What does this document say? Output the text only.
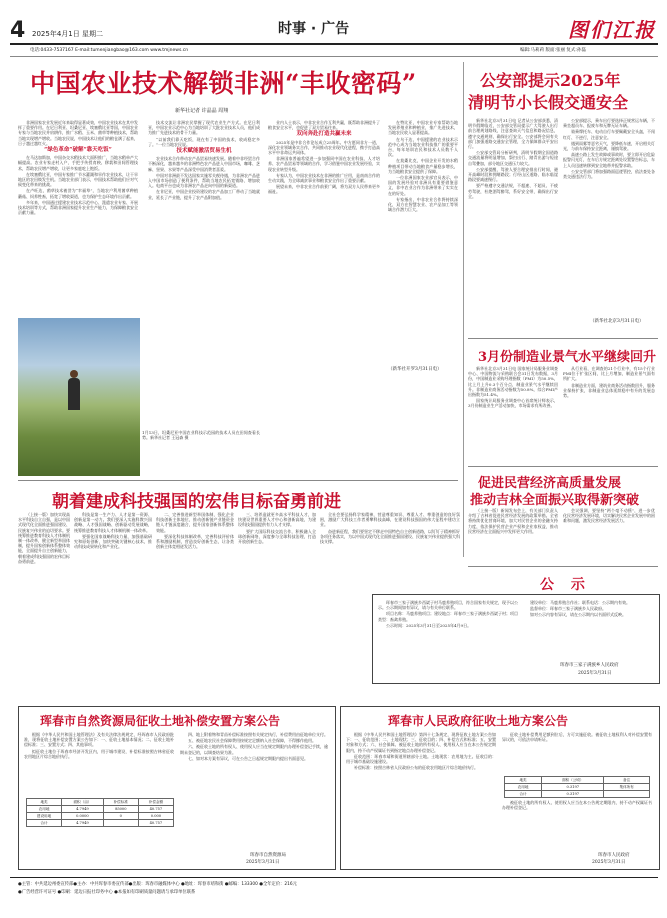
4 2025年4月1日 星期二	时事 · 广告	图们江报
电话:0433-7537167 E-mail:tumenjiangbao@163.com www.tmjnews.cn	编辑:马莉莉 版面:张丽 复式:孙磊
中国农业技术解锁非洲“丰收密码”
新华社记者 许晶晶 周翔

非洲国家农业发展近年来取得显著成效，中国农业技术在其中发挥了重要作用。在尼日利亚、坦桑尼亚、埃塞俄比亚等国，中国农业专家与当地农民并肩耕作，推广水稻、玉米、菌草等种植技术，帮助当地实现增产增收。当地农民说，中国技术让他们的粮仓满了起来，日子越过越红火。

“绿色革命”破解“靠天吃饭”

在马达加斯加，中国杂交水稻技术大面积推广，当地水稻单产大幅提高。农业专家走村入户，手把手传授育秧、移栽和田间管理技术，帮助农民增产增收，让更多家庭吃上饱饭。

在埃塞俄比亚，中国专家推广节水灌溉和旱作农业技术，让干旱地区的农田焕发生机。当地农业部门表示，中国技术帮助他们应对气候变化带来的挑战。

在卢旺达，菌草技术被誉为“幸福草”，当地农户利用菌草种植蘑菇、饲养牲畜，拓宽了增收渠道，也为保护生态环境作出贡献。

多年来，中国通过援建农业技术示范中心、派遣农业专家、开展技术培训等方式，帮助非洲国家提升农业生产能力，为保障粮食安全贡献力量。

技术交流让非洲农民掌握了现代农业生产方式。在尼日利亚，中国农业示范中心为当地培训了大批农业技术人员，他们成为推广先进技术的骨干力量。

“以前我们靠天吃饭，现在有了中国的技术，收成稳定多了。”一位当地农民说。

技术赋能激活贸易生机

农业技术合作带动农产品贸易快速发展。随着中非经贸合作不断深化，越来越多的非洲特色农产品进入中国市场，咖啡、芝麻、坚果、水果等产品深受中国消费者喜爱。

中国对非洲最不发达国家实施零关税待遇，为非洲农产品进入中国市场创造了便利条件，帮助当地农民拓宽销路、增加收入。电商平台也成为非洲农产品走向中国的新渠道。

在肯尼亚，中国企业投资建设的农产品加工厂带动了当地就业，延长了产业链，提升了农产品附加值。

业内人士表示，中非农业合作互利共赢，既帮助非洲提升了粮食安全水平，也促进了双方贸易往来。

双向奔赴打造共赢未来

2025年是中非合作论坛成立25周年。中方愿同非方一道，深化农业领域务实合作，共同推动农业现代化进程，携手打造高水平中非命运共同体。

非洲国家普遍希望进一步加强同中国在农业科技、人才培养、农产品贸易等领域的合作，学习借鉴中国农业发展经验，实现农业转型升级。

专家认为，中国农业技术在非洲的推广应用，是南南合作的生动实践，为全球减贫事业和粮食安全作出了重要贡献。

展望未来，中非农业合作前景广阔，将为双方人民带来更多福祉。

在赞比亚，中国农业专家帮助当地发展养殖业和种植业，推广先进技术，当地农民收入显著提高。

在乌干达，中国援建的农业技术示范中心成为当地农业科技推广的重要平台，每年培训农民和技术人员数千人次。

在莫桑比克，中国企业开发的水稻种植项目带动当地粮食产量稳步增长，为当地粮食安全提供了保障。

一位非洲国家农业部官员表示，中国的发展经验对非洲具有重要借鉴意义，非中农业合作为非洲带来了实实在在的好处。

专家指出，中非农业合作将持续深化，双方在智慧农业、农产品加工等领域合作潜力巨大。

（新华社开罗3月31日电）
1月13日，坦桑尼亚中国农业科技示范园的技术人员在田间查看长势。新华社记者 王冠森 摄
公安部提示2025年
清明节小长假交通安全

新华社北京3月31日电 记者从公安部获悉，清明节假期临近，公安部交管局提示广大驾驶人出行前合理规划路线，注意查询天气信息和路况信息，遵守交通规则，确保出行安全。公安部将会同有关部门加强道路交通安全管理，全力保障群众平安出行。

公安部交管局分析研判，清明节假期全国道路交通流量将明显增加，祭扫出行、踏青出游与短途自驾叠加，部分地区交通压力较大。

公安部提醒，驾驶人要合理安排出行时间，避开高峰时段和拥堵路段；行经山区道路、临水临崖路段要减速慢行。

要严格遵守交通法规，不超速、不超员、不疲劳驾驶，杜绝酒驾醉驾，系好安全带，确保出行安全。

公安部提示，乘车出行要选择正规营运车辆，不乘坐超员车、报废车和无牌无证车辆。

骑乘摩托车、电动自行车要佩戴安全头盔，不闯红灯、不逆行，注意安全。

遇到雨雾等恶劣天气，要降低车速，开启相关灯光，与前车保持安全距离，谨慎驾驶。

高速公路上发生故障或事故时，要立即开启危险报警闪光灯，在车后方规定距离处设置警告标志，车上人员迅速转移到安全地带并报警求助。

公安交管部门将加强路面巡逻管控，依法查处各类交通违法行为。

（新华社北京3月31日电）
3月份制造业景气水平继续回升

新华社北京3月31日电 国家统计局服务业调查中心、中国物流与采购联合会31日发布数据，3月份，中国制造业采购经理指数（PMI）为50.5%，比上月上升0.3个百分点，制造业景气水平继续回升。非制造业商务活动指数为50.8%，综合PMI产出指数为51.4%。

国家统计局服务业调查中心首席统计师表示，3月份制造业生产活动加快，市场需求有所改善。

从行业看，在调查的21个行业中，有15个行业PMI位于扩张区间，比上月增加，制造业景气面有所扩大。

非制造业方面，建筑业商务活动指数回升，服务业保持扩张，非制造业总体延续稳中有升的发展态势。

促进民营经济高质量发展
推动吉林全面振兴取得新突破

（上接一版）新闻发布会上，有关部门负责人介绍了吉林省促进民营经济发展的政策举措。全省将持续优化营商环境，加大对民营企业的金融支持力度，依法保护民营企业产权和企业家权益，推动民营经济在全面振兴中发挥更大作用。

会议强调，要坚持“两个毫不动摇”，进一步优化民营经济发展环境，切实解决民营企业发展中的困难和问题，激发民营经济发展活力。

朝着建成科技强国的宏伟目标奋勇前进

（上接一版）加快实现高水平科技自立自强，是以中国式现代化全面推进强国建设、民族复兴伟业的迫切要求。要统筹推进教育科技人才体制机制一体改革，健全新型举国体制，提升国家创新体系整体效能，全面提升自主创新能力，朝着建成科技强国的宏伟目标奋勇前进。

科技是第一生产力、人才是第一资源、创新是第一动力。我们要深入实施科教兴国战略、人才强国战略、创新驱动发展战略，统筹推进教育科技人才体制机制一体改革。

要强化国家战略科技力量，加强基础研究和原始创新，加快突破关键核心技术，推动科技成果转化和产业化。

二、完善推进新型举国体制，强化企业科技创新主体地位，推动创新链产业链资金链人才链深度融合，提升国家创新体系整体效能。

要深化科技体制改革，完善科技评价体系和激励机制，营造良好创新生态，让各类创新主体竞相迸发活力。

三、培养造就更多高水平科技人才，加快建设世界重要人才中心和创新高地，为建设科技强国提供有力人才支撑。

要扩大国际科技交流合作，积极融入全球创新网络，深度参与全球科技治理，打造开放创新生态。

全社会要弘扬科学家精神，营造尊重知识、尊重人才、尊重创造的良好氛围，激励广大科技工作者勇攀科技高峰，在建设科技强国的伟大征程中建功立业。

奋进新征程，我们要坚定不移走中国特色自主创新道路，以钉钉子精神抓好各项任务落实，为以中国式现代化全面推进强国建设、民族复兴伟业提供强大科技支撑。

公 示

珲春市三家子满族乡西崴子村马鹿养殖项目，符合国家有关规定，现予以公示。公示期间如有异议，请与有关单位联系。

项目名称：马鹿养殖项目；建设地点：珲春市三家子满族乡西崴子村；项目类型：畜禽养殖。

公示时间：2025年3月31日至2025年4月9日。

建设单位：马鹿养殖合作社；联系电话：公示期内有效。

监督单位：珲春市三家子满族乡人民政府。

如对公示内容有异议，请在公示期内以书面形式反映。

珲春市三家子满族乡人民政府
2025年3月31日
珲春市自然资源局征收土地补偿安置方案公告

根据《中华人民共和国土地管理法》及有关法律法规规定，经珲春市人民政府批准，现将征收土地补偿安置方案公告如下：一、征收土地基本情况；二、征收土地补偿标准；三、安置方式；四、其他事项。

拟征收土地位于珲春市经济开发区内，用于城市建设，补偿标准按照吉林省征收农用地区片综合地价执行。

四、地上附着物和青苗补偿标准按照有关规定执行，补偿费用由征地单位支付。

五、被征地农民社会保障费用按规定足额纳入社会保障，不得挪作他用。

六、被征收土地的所有权人、使用权人应当在规定期限内办理补偿登记手续，逾期未登记的，以调查结果为准。

七、如对本方案有异议，可在公告之日起规定期限内提出书面意见。

地类	面积（亩）	补偿标准	补偿金额
农用地	4.7949	85000	40.757
建设用地	0.0000	0	0.000
合计	4.7949		40.757
珲春市自然资源局
2025年3月31日
珲春市人民政府征收土地方案公告

根据《中华人民共和国土地管理法》第四十七条规定，现将征收土地方案公告如下：一、征收范围；二、土地现状；三、征收目的；四、补偿方式和标准；五、安置对象和方式；六、社会保障。被征收土地的所有权人、使用权人应当在本公告规定期限内，持不动产权属证书到指定地点办理补偿登记。

征收范围：珲春市靖和街道所辖部分土地。土地现状：农用地为主。征收目的：用于城市基础设施建设。

补偿标准：按照吉林省人民政府公布的征收农用地区片综合地价执行。

征收土地补偿费用足额到位后，方可实施征收。被征收土地权利人对补偿安置有异议的，可依法申请听证。

地类	面积（公顷）	备注
农用地	0.3197	集体所有
合计	0.3197	

被征收土地的所有权人、使用权人应当在本公告规定期限内，持不动产权属证书办理补偿登记。

珲春市人民政府
2025年3月31日
●主管：中共延边州委宣传部●主办：中共珲春市委宣传部●出版：珲春市融媒体中心 ●地址：珲春市靖和街 ●邮编：133300 ●全年定价：216元
●广告经营许可证号 ●印刷：延边日报社印务中心 ●本报如有印刷质量问题请与承印单位联系
